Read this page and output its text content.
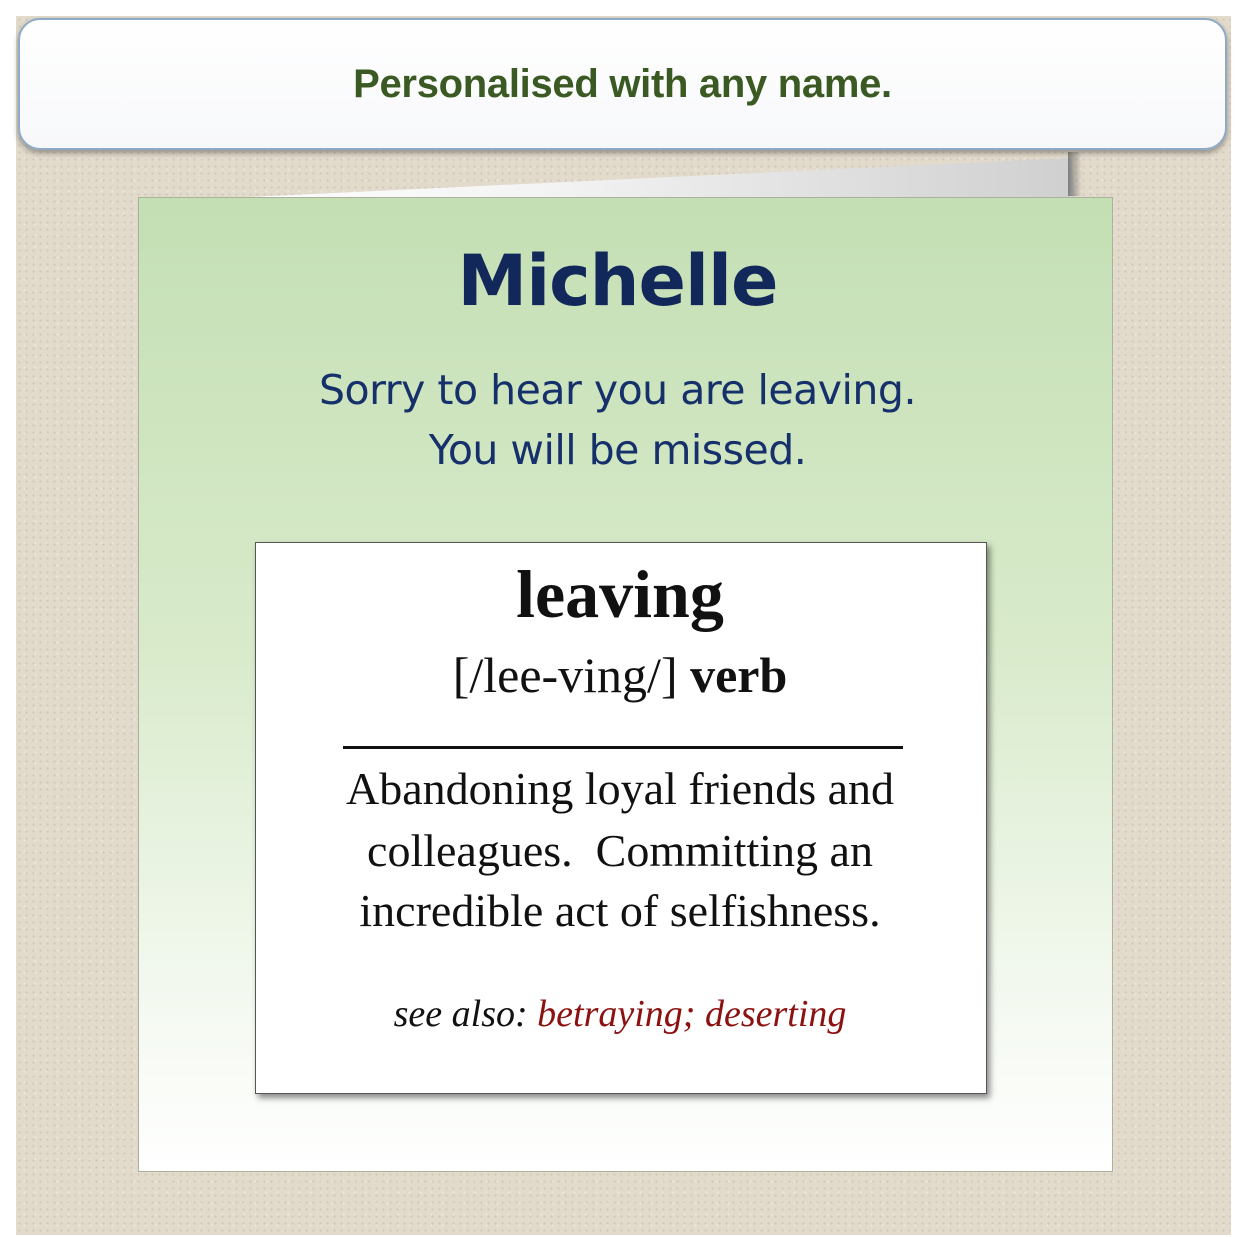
Personalised with any name.
Michelle
Sorry to hear you are leaving.
You will be missed.
leaving
[/lee-ving/] verb
Abandoning loyal friends and
colleagues.  Committing an
incredible act of selfishness.
see also: betraying; deserting
